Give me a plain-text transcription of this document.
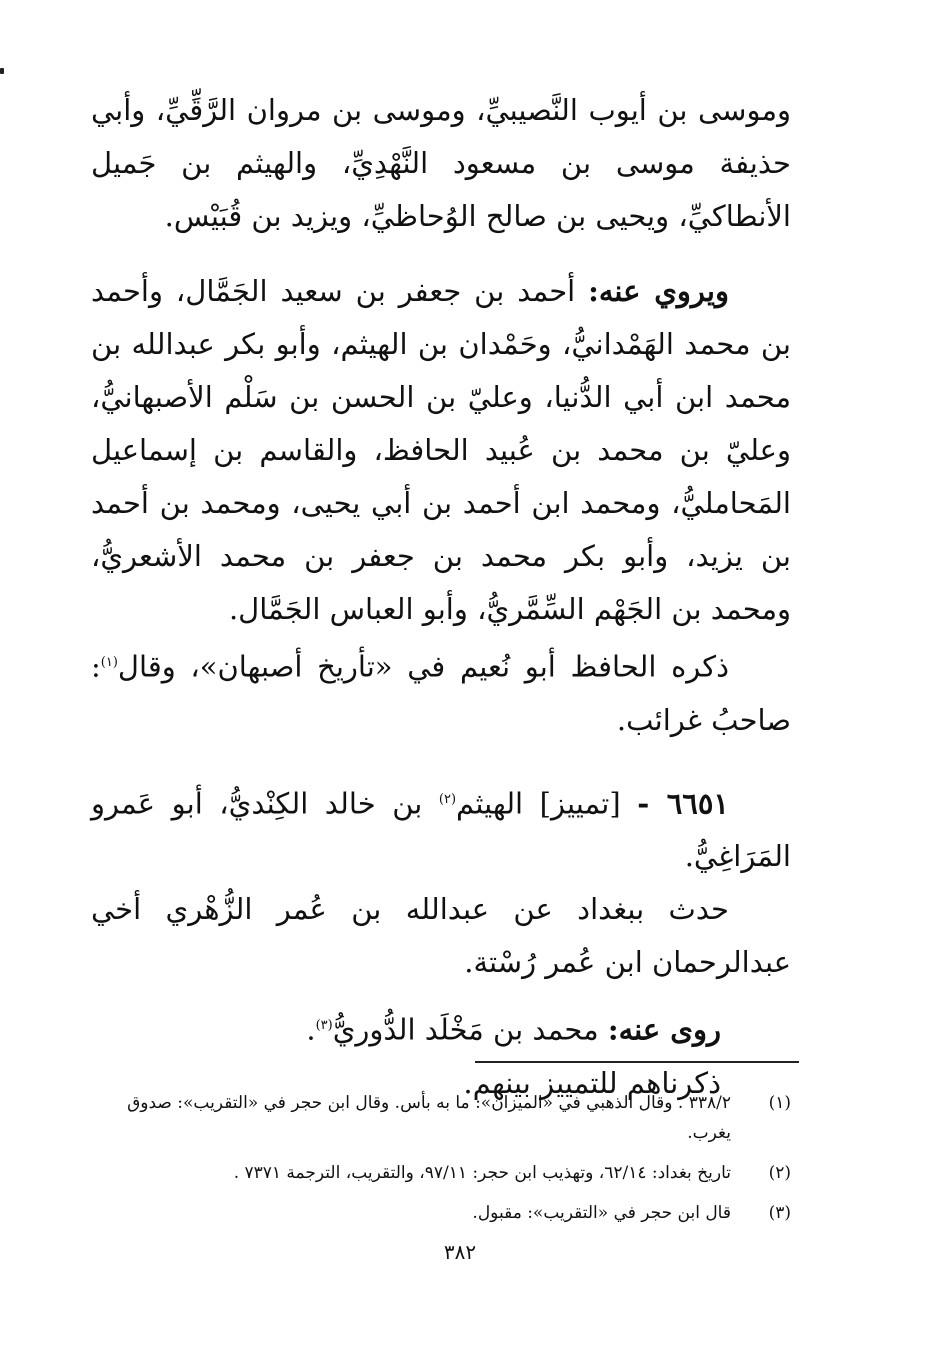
وموسى بن أيوب النَّصيبيِّ، وموسى بن مروان الرَّقِّيِّ، وأبي حذيفة موسى بن مسعود النَّهْدِيِّ، والهيثم بن جَميل الأنطاكيِّ، ويحيى بن صالح الوُحاظيِّ، ويزيد بن قُبَيْس.

ويروي عنه: أحمد بن جعفر بن سعيد الجَمَّال، وأحمد بن محمد الهَمْدانيُّ، وحَمْدان بن الهيثم، وأبو بكر عبدالله بن محمد ابن أبي الدُّنيا، وعليّ بن الحسن بن سَلْم الأصبهانيُّ، وعليّ بن محمد بن عُبيد الحافظ، والقاسم بن إسماعيل المَحامليُّ، ومحمد ابن أحمد بن أبي يحيى، ومحمد بن أحمد بن يزيد، وأبو بكر محمد بن جعفر بن محمد الأشعريُّ، ومحمد بن الجَهْم السِّمَّريُّ، وأبو العباس الجَمَّال.

ذكره الحافظ أبو نُعيم في «تأريخ أصبهان»، وقال$^{(١)}$: صاحبُ غرائب.

٦٦٥١ - [تمييز] الهيثم$^{(٢)}$ بن خالد الكِنْديُّ، أبو عَمرو المَرَاغِيُّ.

حدث ببغداد عن عبدالله بن عُمر الزُّهْري أخي عبدالرحمان ابن عُمر رُسْتة.

روى عنه: محمد بن مَخْلَد الدُّوريُّ$^{(٣)}$.

ذكرناهم للتمييز بينهم.

(١)
٣٣٨/٢ . وقال الذهبي في «الميزان»: ما به بأس. وقال ابن حجر في «التقريب»: صدوق يغرب.
(٢)
تاريخ بغداد: ٦٢/١٤، وتهذيب ابن حجر: ٩٧/١١، والتقريب، الترجمة ٧٣٧١ .
(٣)
قال ابن حجر في «التقريب»: مقبول.
٣٨٢
